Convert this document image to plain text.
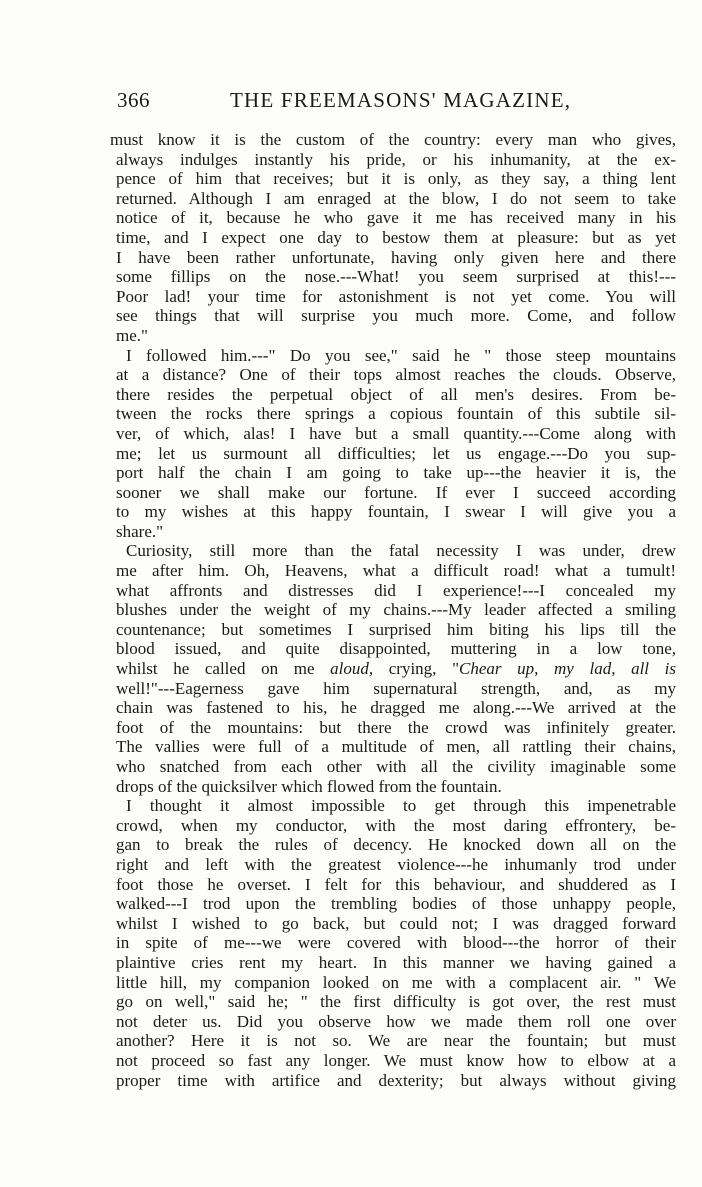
366	THE FREEMASONS' MAGAZINE,
must know it is the custom of the country: every man who gives,
always indulges instantly his pride, or his inhumanity, at the ex-
pence of him that receives; but it is only, as they say, a thing lent
returned. Although I am enraged at the blow, I do not seem to take
notice of it, because he who gave it me has received many in his
time, and I expect one day to bestow them at pleasure: but as yet
I have been rather unfortunate, having only given here and there
some fillips on the nose.---What! you seem surprised at this!---
Poor lad! your time for astonishment is not yet come. You will
see things that will surprise you much more. Come, and follow
me."
I followed him.---" Do you see," said he " those steep mountains
at a distance? One of their tops almost reaches the clouds. Observe,
there resides the perpetual object of all men's desires. From be-
tween the rocks there springs a copious fountain of this subtile sil-
ver, of which, alas! I have but a small quantity.---Come along with
me; let us surmount all difficulties; let us engage.---Do you sup-
port half the chain I am going to take up---the heavier it is, the
sooner we shall make our fortune. If ever I succeed according
to my wishes at this happy fountain, I swear I will give you a
share."
Curiosity, still more than the fatal necessity I was under, drew
me after him. Oh, Heavens, what a difficult road! what a tumult!
what affronts and distresses did I experience!---I concealed my
blushes under the weight of my chains.---My leader affected a smiling
countenance; but sometimes I surprised him biting his lips till the
blood issued, and quite disappointed, muttering in a low tone,
whilst he called on me aloud, crying, "Chear up, my lad, all is
well!"---Eagerness gave him supernatural strength, and, as my
chain was fastened to his, he dragged me along.---We arrived at the
foot of the mountains: but there the crowd was infinitely greater.
The vallies were full of a multitude of men, all rattling their chains,
who snatched from each other with all the civility imaginable some
drops of the quicksilver which flowed from the fountain.
I thought it almost impossible to get through this impenetrable
crowd, when my conductor, with the most daring effrontery, be-
gan to break the rules of decency. He knocked down all on the
right and left with the greatest violence---he inhumanly trod under
foot those he overset. I felt for this behaviour, and shuddered as I
walked---I trod upon the trembling bodies of those unhappy people,
whilst I wished to go back, but could not; I was dragged forward
in spite of me---we were covered with blood---the horror of their
plaintive cries rent my heart. In this manner we having gained a
little hill, my companion looked on me with a complacent air. " We
go on well," said he; " the first difficulty is got over, the rest must
not deter us. Did you observe how we made them roll one over
another? Here it is not so. We are near the fountain; but must
not proceed so fast any longer. We must know how to elbow at a
proper time with artifice and dexterity; but always without giving
